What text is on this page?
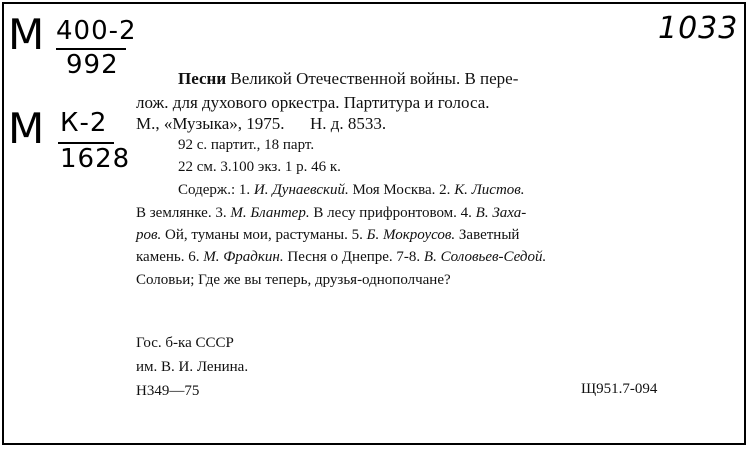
М 400-2
992
М К-2
1628
1033
Песни Великой Отечественной войны. В пере-
лож. для духового оркестра. Партитура и голоса.
М., «Музыка», 1975.      Н. д. 8533.
92 с. партит., 18 парт.
22 см. 3.100 экз. 1 р. 46 к.
Содерж.: 1. И. Дунаевский. Моя Москва. 2. К. Листов.
В землянке. 3. М. Блантер. В лесу прифронтовом. 4. В. Заха-
ров. Ой, туманы мои, растуманы. 5. Б. Мокроусов. Заветный
камень. 6. М. Фрадкин. Песня о Днепре. 7-8. В. Соловьев-Седой.
Соловьи; Где же вы теперь, друзья-однополчане?
Гос. б-ка СССР
им. В. И. Ленина.
Н349—75	Щ951.7-094
